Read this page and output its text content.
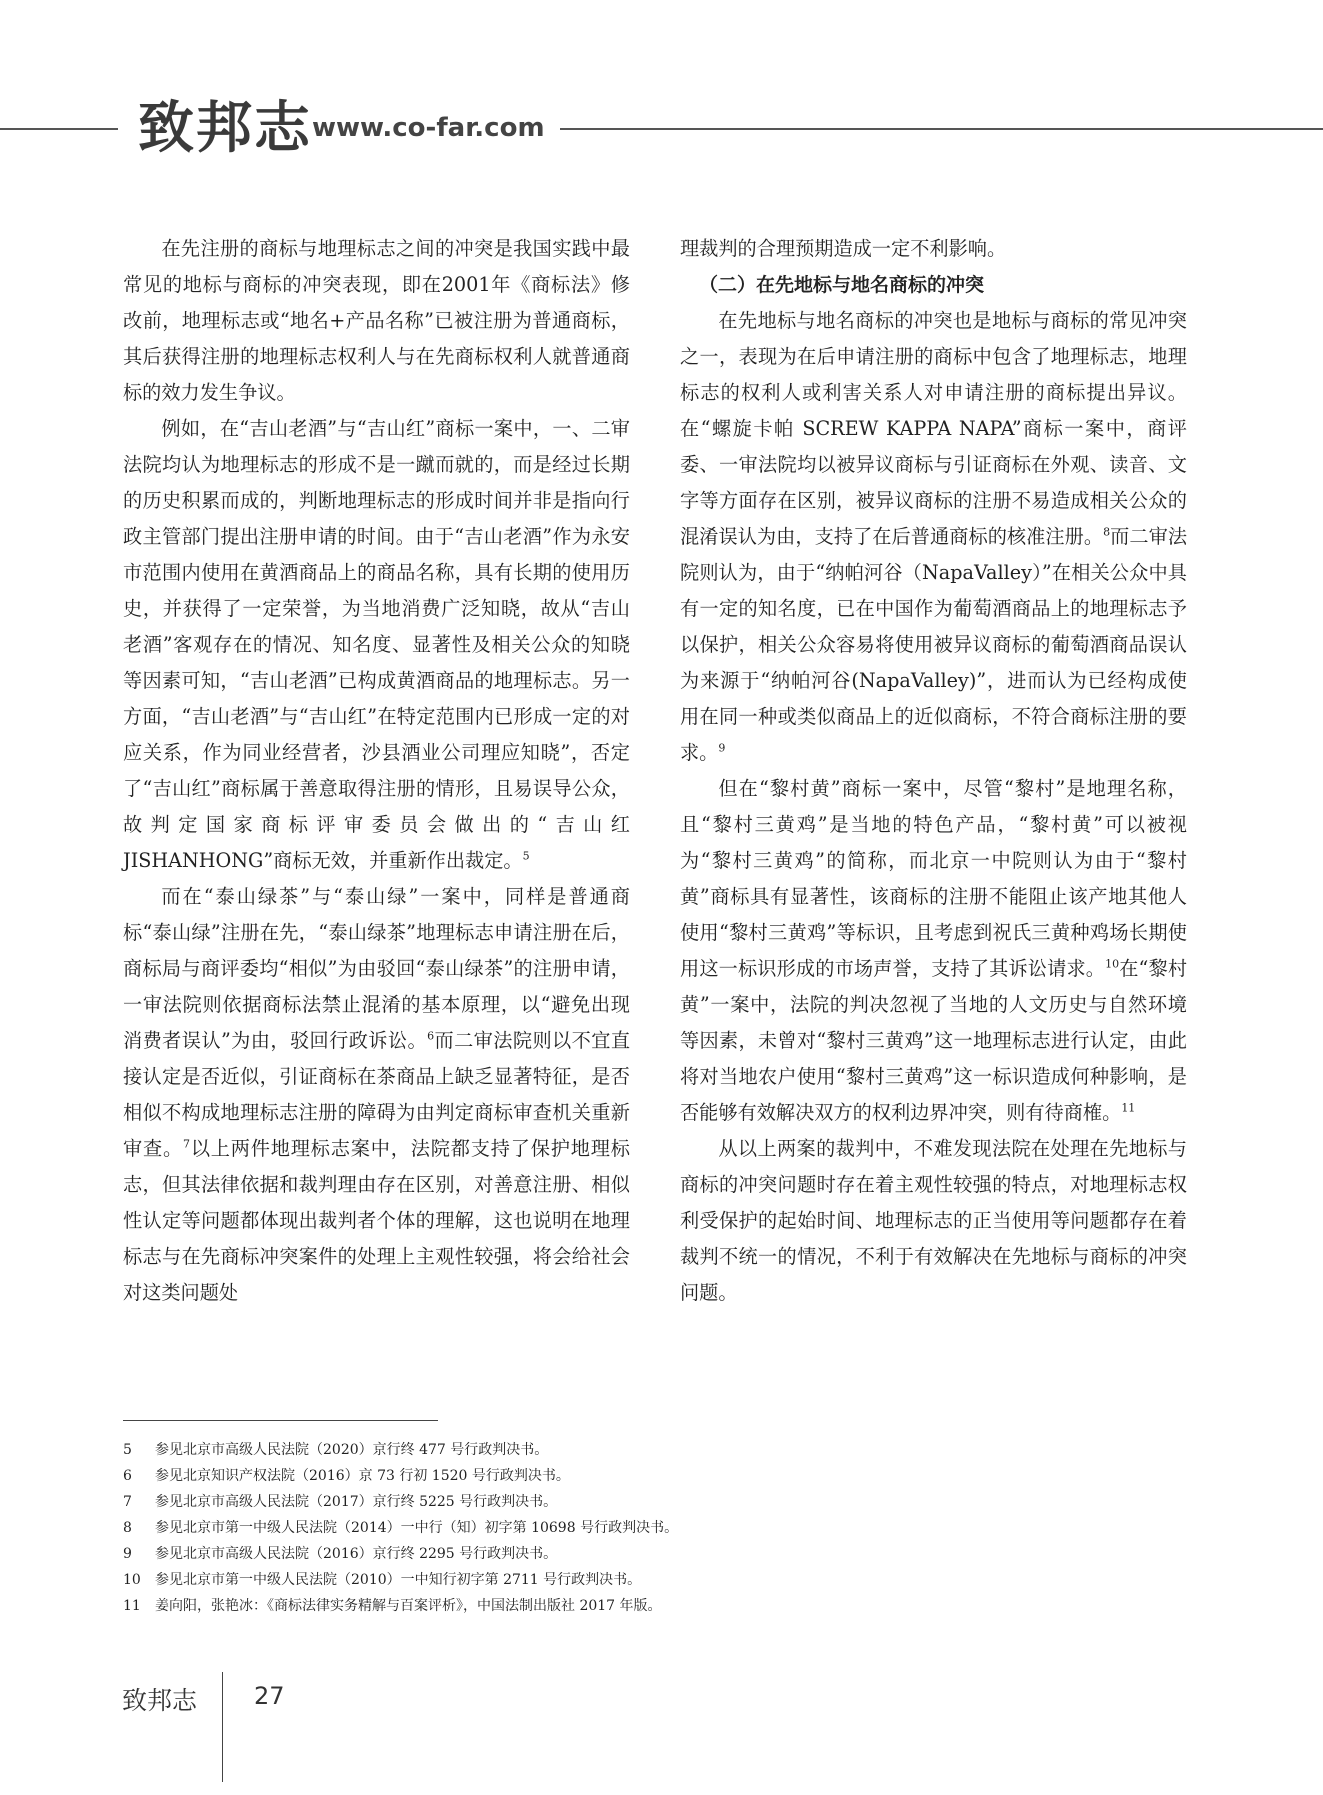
致邦志 www.co-far.com

在先注册的商标与地理标志之间的冲突是我国实践中最常见的地标与商标的冲突表现，即在2001年《商标法》修改前，地理标志或“地名+产品名称”已被注册为普通商标，其后获得注册的地理标志权利人与在先商标权利人就普通商标的效力发生争议。

例如，在“吉山老酒”与“吉山红”商标一案中，一、二审法院均认为地理标志的形成不是一蹴而就的，而是经过长期的历史积累而成的，判断地理标志的形成时间并非是指向行政主管部门提出注册申请的时间。由于“吉山老酒”作为永安市范围内使用在黄酒商品上的商品名称，具有长期的使用历史，并获得了一定荣誉，为当地消费广泛知晓，故从“吉山老酒”客观存在的情况、知名度、显著性及相关公众的知晓等因素可知，“吉山老酒”已构成黄酒商品的地理标志。另一方面，“吉山老酒”与“吉山红”在特定范围内已形成一定的对应关系，作为同业经营者，沙县酒业公司理应知晓”，否定了“吉山红”商标属于善意取得注册的情形，且易误导公众，故判定国家商标评审委员会做出的“吉山红 JISHANHONG”商标无效，并重新作出裁定。$^5$

而在“泰山绿茶”与“泰山绿”一案中，同样是普通商标“泰山绿”注册在先，“泰山绿茶”地理标志申请注册在后，商标局与商评委均“相似”为由驳回“泰山绿茶”的注册申请，一审法院则依据商标法禁止混淆的基本原理，以“避免出现消费者误认”为由，驳回行政诉讼。$^6$而二审法院则以不宜直接认定是否近似，引证商标在茶商品上缺乏显著特征，是否相似不构成地理标志注册的障碍为由判定商标审查机关重新审查。$^7$以上两件地理标志案中，法院都支持了保护地理标志，但其法律依据和裁判理由存在区别，对善意注册、相似性认定等问题都体现出裁判者个体的理解，这也说明在地理标志与在先商标冲突案件的处理上主观性较强，将会给社会对这类问题处

理裁判的合理预期造成一定不利影响。

（二）在先地标与地名商标的冲突

在先地标与地名商标的冲突也是地标与商标的常见冲突之一，表现为在后申请注册的商标中包含了地理标志，地理标志的权利人或利害关系人对申请注册的商标提出异议。在“螺旋卡帕 SCREW KAPPA NAPA”商标一案中，商评委、一审法院均以被异议商标与引证商标在外观、读音、文字等方面存在区别，被异议商标的注册不易造成相关公众的混淆误认为由，支持了在后普通商标的核准注册。$^8$而二审法院则认为，由于“纳帕河谷（NapaValley）”在相关公众中具有一定的知名度，已在中国作为葡萄酒商品上的地理标志予以保护，相关公众容易将使用被异议商标的葡萄酒商品误认为来源于“纳帕河谷(NapaValley)”，进而认为已经构成使用在同一种或类似商品上的近似商标，不符合商标注册的要求。$^9$

但在“黎村黄”商标一案中，尽管“黎村”是地理名称，且“黎村三黄鸡”是当地的特色产品，“黎村黄”可以被视为“黎村三黄鸡”的简称，而北京一中院则认为由于“黎村黄”商标具有显著性，该商标的注册不能阻止该产地其他人使用“黎村三黄鸡”等标识，且考虑到祝氏三黄种鸡场长期使用这一标识形成的市场声誉，支持了其诉讼请求。$^{10}$在“黎村黄”一案中，法院的判决忽视了当地的人文历史与自然环境等因素，未曾对“黎村三黄鸡”这一地理标志进行认定，由此将对当地农户使用“黎村三黄鸡”这一标识造成何种影响，是否能够有效解决双方的权利边界冲突，则有待商榷。$^{11}$

从以上两案的裁判中，不难发现法院在处理在先地标与商标的冲突问题时存在着主观性较强的特点，对地理标志权利受保护的起始时间、地理标志的正当使用等问题都存在着裁判不统一的情况，不利于有效解决在先地标与商标的冲突问题。

5 参见北京市高级人民法院（2020）京行终 477 号行政判决书。
6 参见北京知识产权法院（2016）京 73 行初 1520 号行政判决书。
7 参见北京市高级人民法院（2017）京行终 5225 号行政判决书。
8 参见北京市第一中级人民法院（2014）一中行（知）初字第 10698 号行政判决书。
9 参见北京市高级人民法院（2016）京行终 2295 号行政判决书。
10 参见北京市第一中级人民法院（2010）一中知行初字第 2711 号行政判决书。
11 姜向阳，张艳冰：《商标法律实务精解与百案评析》，中国法制出版社 2017 年版。
致邦志 27
